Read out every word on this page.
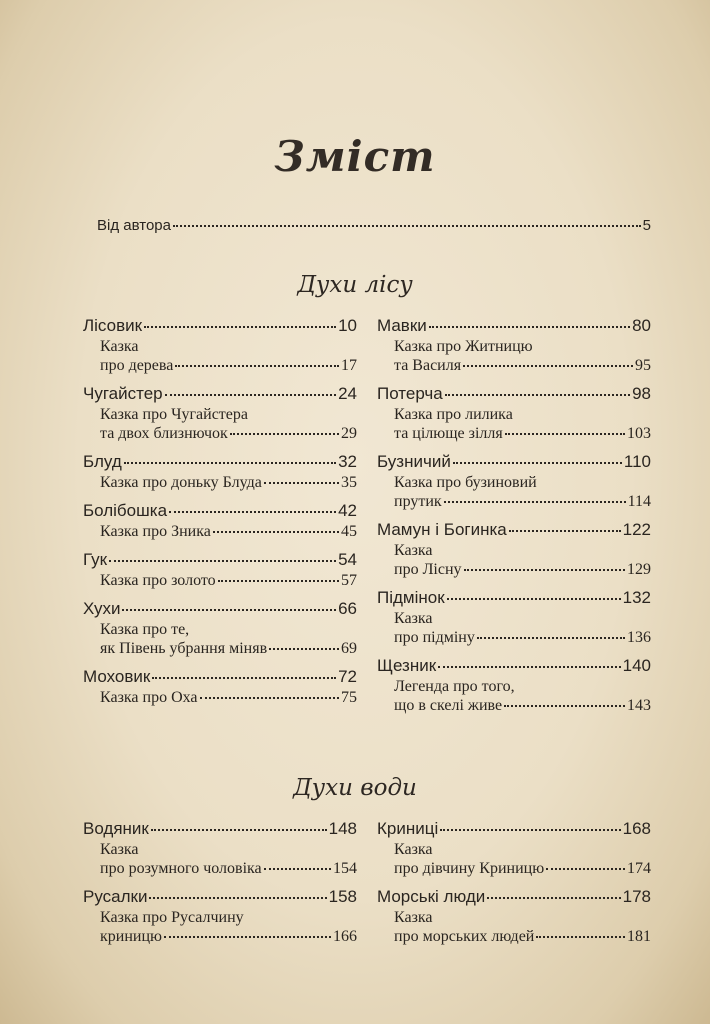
Зміст
Від автора	5
Духи лісу
Лісовик	10
Казка
про дерева	17
Чугайстер	24
Казка про Чугайстера
та двох близнючок	29
Блуд	32
Казка про доньку Блуда	35
Болібошка	42
Казка про Зника	45
Гук	54
Казка про золото	57
Хухи	66
Казка про те,
як Півень убрання міняв	69
Моховик	72
Казка про Оха	75
Мавки	80
Казка про Житницю
та Василя	95
Потерча	98
Казка про лилика
та цілюще зілля	103
Бузничий	110
Казка про бузиновий
прутик	114
Мамун і Богинка	122
Казка
про Лісну	129
Підмінок	132
Казка
про підміну	136
Щезник	140
Легенда про того,
що в скелі живе	143
Духи води
Водяник	148
Казка
про розумного чоловіка	154
Русалки	158
Казка про Русалчину
криницю	166
Криниці	168
Казка
про дівчину Криницю	174
Морські люди	178
Казка
про морських людей	181
